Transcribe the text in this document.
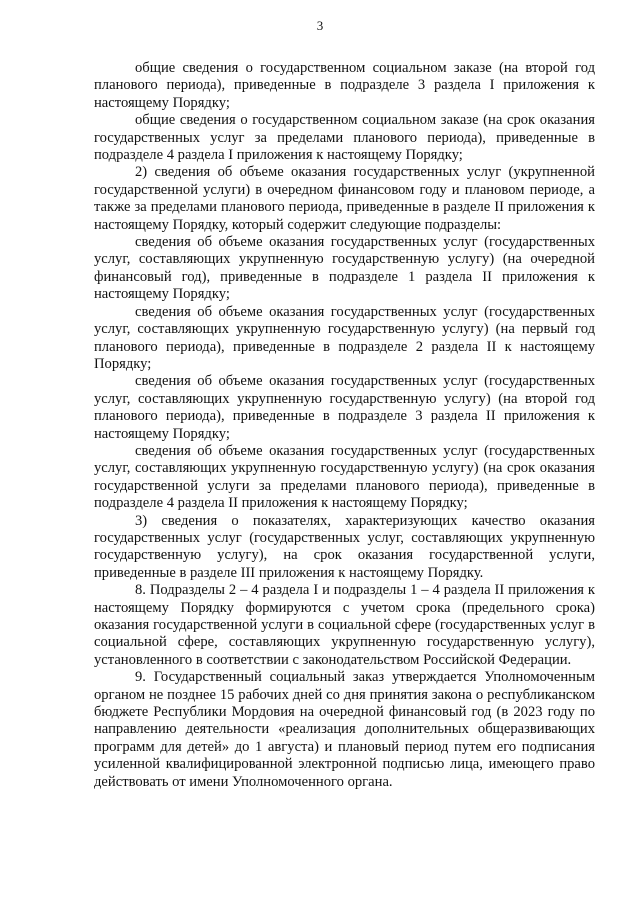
3

общие сведения о государственном социальном заказе (на второй год планового периода), приведенные в подразделе 3 раздела I приложения к настоящему Порядку;

общие сведения о государственном социальном заказе (на срок оказания государственных услуг за пределами планового периода), приведенные в подразделе 4 раздела I приложения к настоящему Порядку;

2) сведения об объеме оказания государственных услуг (укрупненной государственной услуги) в очередном финансовом году и плановом периоде, а также за пределами планового периода, приведенные в разделе II приложения к настоящему Порядку, который содержит следующие подразделы:

сведения об объеме оказания государственных услуг (государственных услуг, составляющих укрупненную государственную услугу) (на очередной финансовый год), приведенные в подразделе 1 раздела II приложения к настоящему Порядку;

сведения об объеме оказания государственных услуг (государственных услуг, составляющих укрупненную государственную услугу) (на первый год планового периода), приведенные в подразделе 2 раздела II к настоящему Порядку;

сведения об объеме оказания государственных услуг (государственных услуг, составляющих укрупненную государственную услугу) (на второй год планового периода), приведенные в подразделе 3 раздела II приложения к настоящему Порядку;

сведения об объеме оказания государственных услуг (государственных услуг, составляющих укрупненную государственную услугу) (на срок оказания государственной услуги за пределами планового периода), приведенные в подразделе 4 раздела II приложения к настоящему Порядку;

3) сведения о показателях, характеризующих качество оказания государственных услуг (государственных услуг, составляющих укрупненную государственную услугу), на срок оказания государственной услуги, приведенные в разделе III приложения к настоящему Порядку.

8. Подразделы 2 – 4 раздела I и подразделы 1 – 4 раздела II приложения к настоящему Порядку формируются с учетом срока (предельного срока) оказания государственной услуги в социальной сфере (государственных услуг в социальной сфере, составляющих укрупненную государственную услугу), установленного в соответствии с законодательством Российской Федерации.

9. Государственный социальный заказ утверждается Уполномоченным органом не позднее 15 рабочих дней со дня принятия закона о республиканском бюджете Республики Мордовия на очередной финансовый год (в 2023 году по направлению деятельности «реализация дополнительных общеразвивающих программ для детей» до 1 августа) и плановый период путем его подписания усиленной квалифицированной электронной подписью лица, имеющего право действовать от имени Уполномоченного органа.
